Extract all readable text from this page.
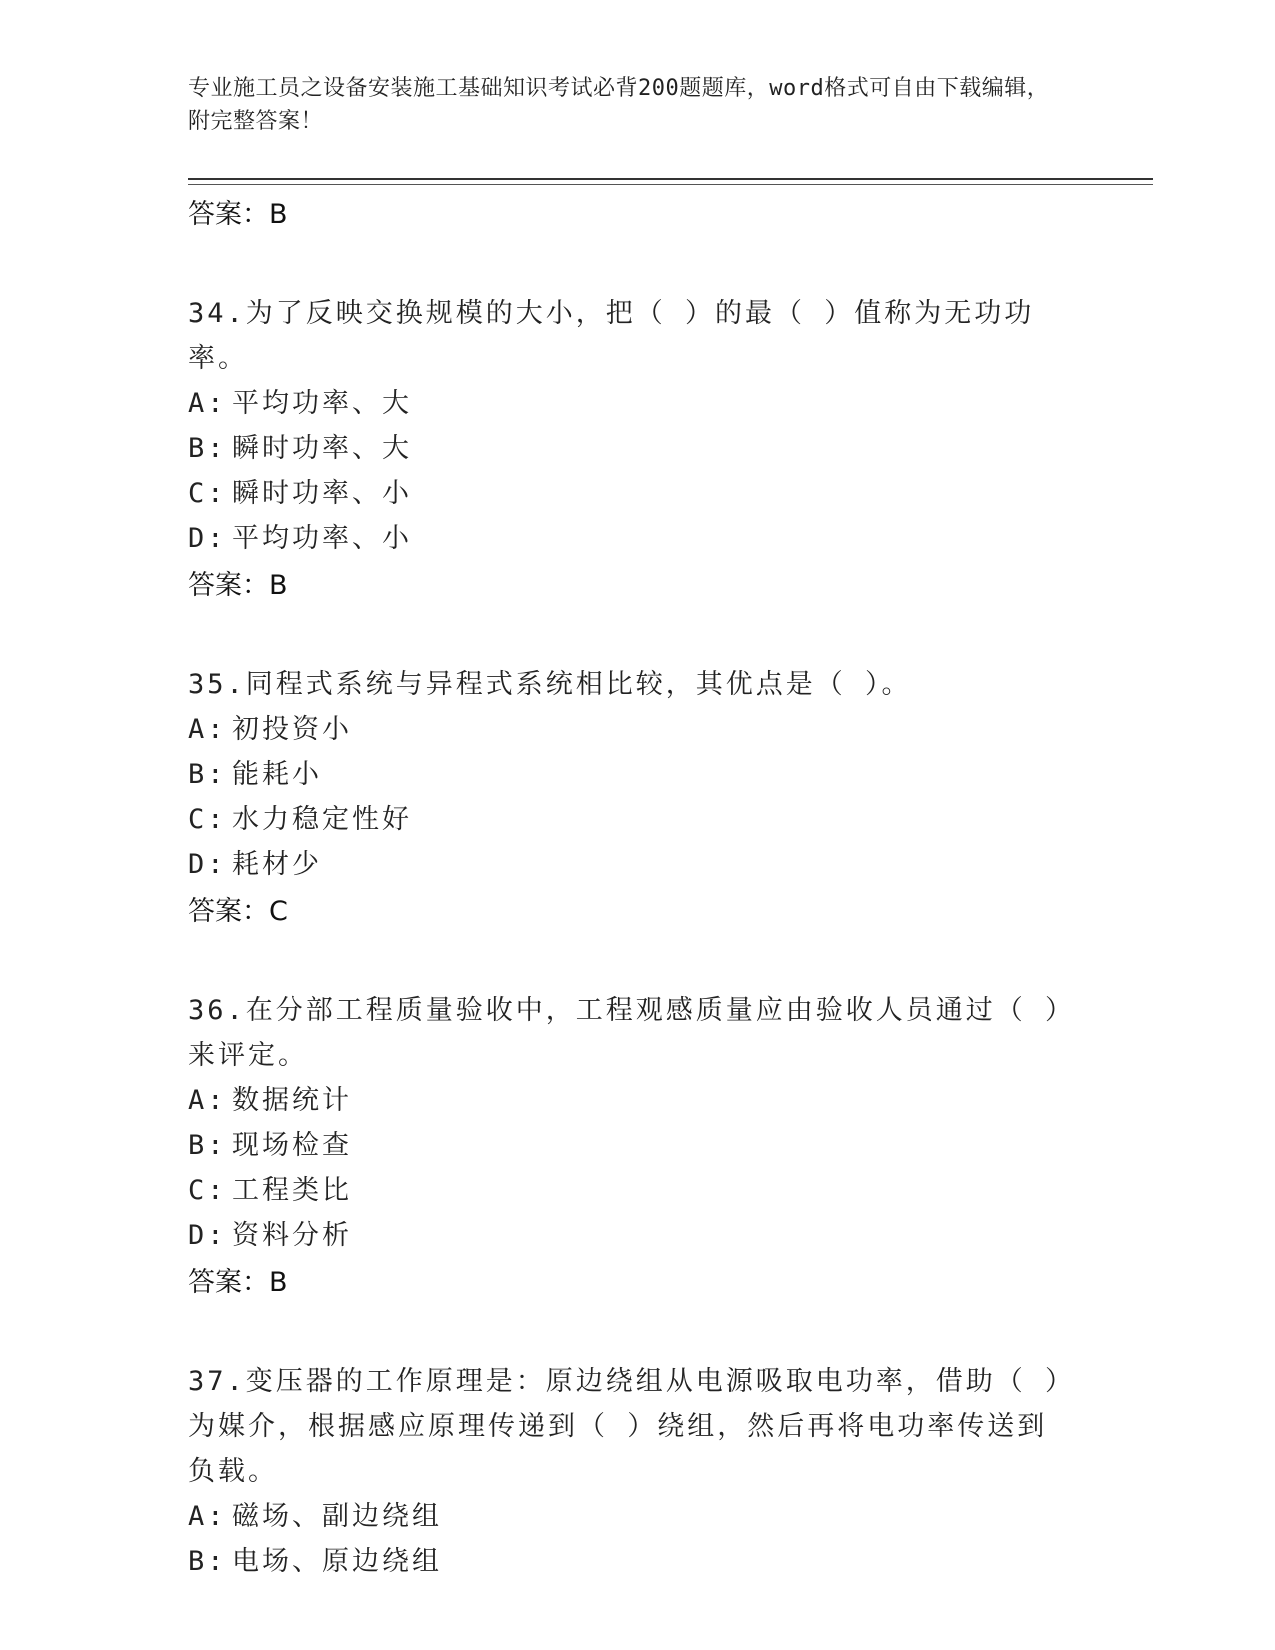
专业施工员之设备安装施工基础知识考试必背200题题库，word格式可自由下载编辑，附完整答案！
答案：B

34.为了反映交换规模的大小，把（ ）的最（ ）值称为无功功率。

A: 平均功率、大
B: 瞬时功率、大
C: 瞬时功率、小
D: 平均功率、小
答案：B

35.同程式系统与异程式系统相比较，其优点是（ ）。

A: 初投资小
B: 能耗小
C: 水力稳定性好
D: 耗材少
答案：C

36.在分部工程质量验收中，工程观感质量应由验收人员通过（ ）来评定。

A: 数据统计
B: 现场检查
C: 工程类比
D: 资料分析
答案：B

37.变压器的工作原理是：原边绕组从电源吸取电功率，借助（ ）为媒介，根据感应原理传递到（ ）绕组，然后再将电功率传送到负载。

A: 磁场、副边绕组
B: 电场、原边绕组
